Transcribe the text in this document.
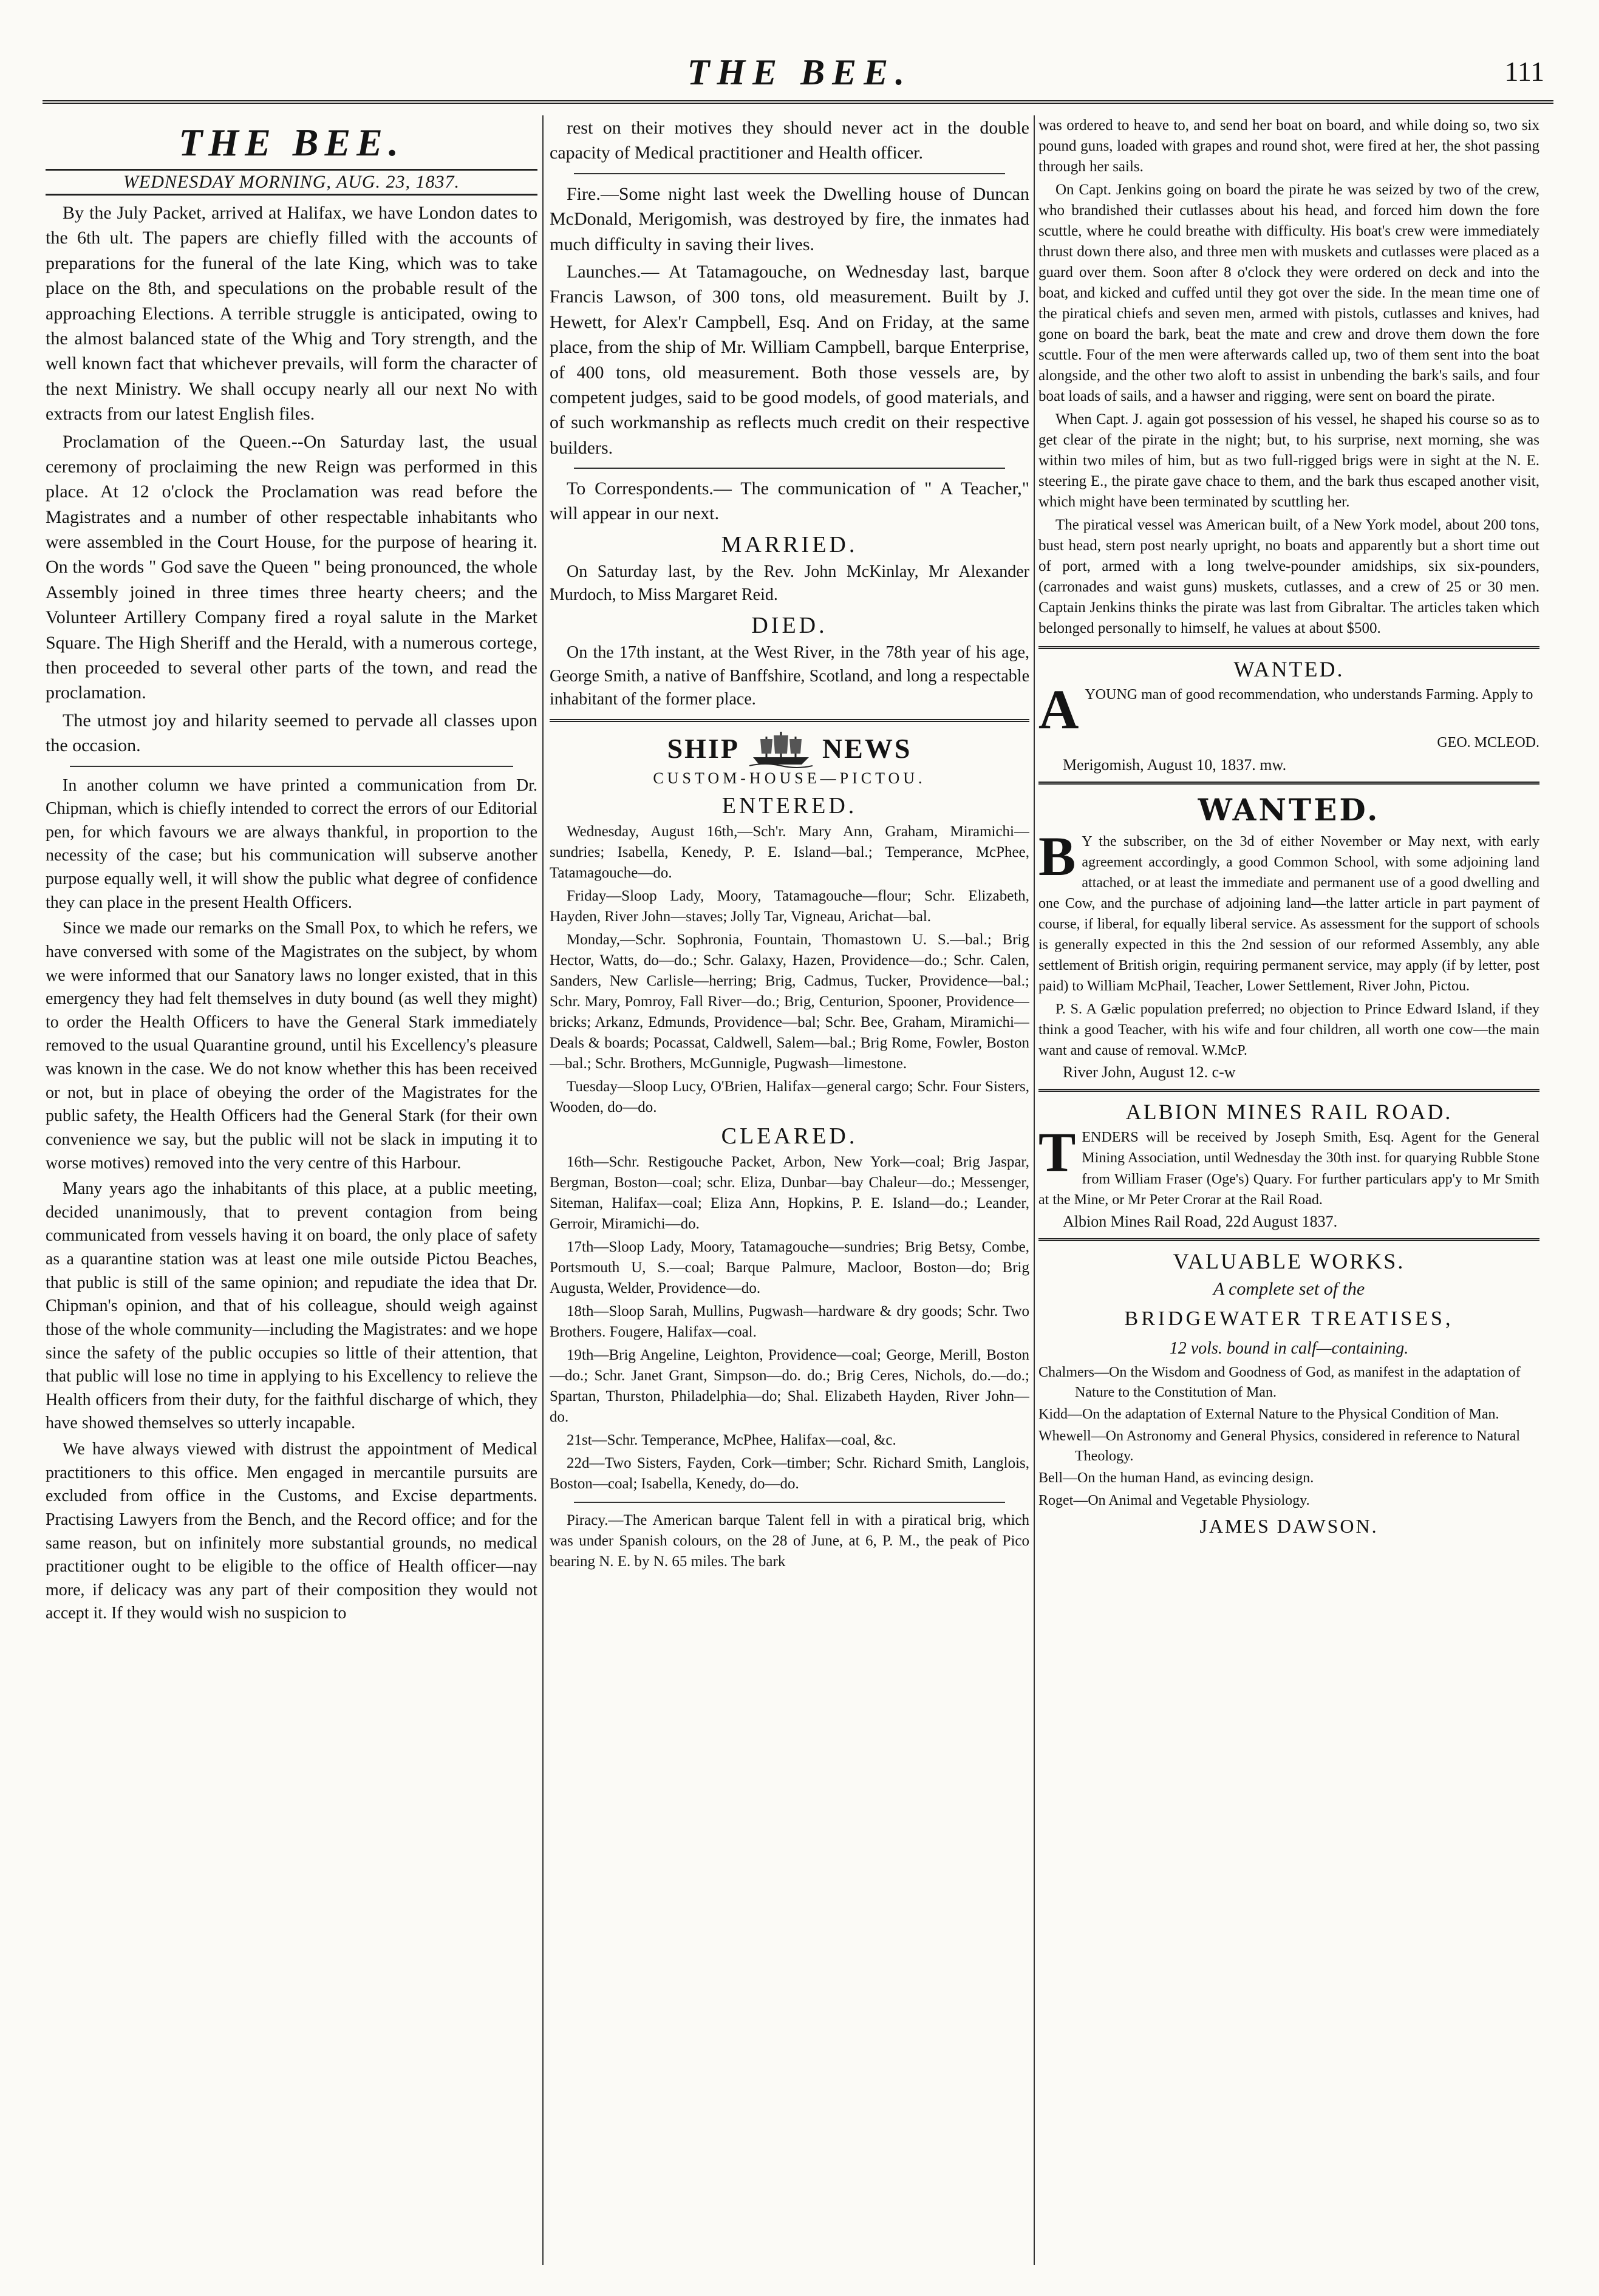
THE BEE.	111
THE BEE.
WEDNESDAY MORNING, AUG. 23, 1837.

By the July Packet, arrived at Halifax, we have London dates to the 6th ult. The papers are chiefly filled with the accounts of preparations for the funeral of the late King, which was to take place on the 8th, and speculations on the probable result of the approaching Elections. A terrible struggle is anticipated, owing to the almost balanced state of the Whig and Tory strength, and the well known fact that whichever prevails, will form the character of the next Ministry. We shall occupy nearly all our next No with extracts from our latest English files.

Proclamation of the Queen.--On Saturday last, the usual ceremony of proclaiming the new Reign was performed in this place. At 12 o'clock the Proclamation was read before the Magistrates and a number of other respectable inhabitants who were assembled in the Court House, for the purpose of hearing it. On the words " God save the Queen " being pronounced, the whole Assembly joined in three times three hearty cheers; and the Volunteer Artillery Company fired a royal salute in the Market Square. The High Sheriff and the Herald, with a numerous cortege, then proceeded to several other parts of the town, and read the proclamation.

The utmost joy and hilarity seemed to pervade all classes upon the occasion.

In another column we have printed a communication from Dr. Chipman, which is chiefly intended to correct the errors of our Editorial pen, for which favours we are always thankful, in proportion to the necessity of the case; but his communication will subserve another purpose equally well, it will show the public what degree of confidence they can place in the present Health Officers.

Since we made our remarks on the Small Pox, to which he refers, we have conversed with some of the Magistrates on the subject, by whom we were informed that our Sanatory laws no longer existed, that in this emergency they had felt themselves in duty bound (as well they might) to order the Health Officers to have the General Stark immediately removed to the usual Quarantine ground, until his Excellency's pleasure was known in the case. We do not know whether this has been received or not, but in place of obeying the order of the Magistrates for the public safety, the Health Officers had the General Stark (for their own convenience we say, but the public will not be slack in imputing it to worse motives) removed into the very centre of this Harbour.

Many years ago the inhabitants of this place, at a public meeting, decided unanimously, that to prevent contagion from being communicated from vessels having it on board, the only place of safety as a quarantine station was at least one mile outside Pictou Beaches, that public is still of the same opinion; and repudiate the idea that Dr. Chipman's opinion, and that of his colleague, should weigh against those of the whole community—including the Magistrates: and we hope since the safety of the public occupies so little of their attention, that that public will lose no time in applying to his Excellency to relieve the Health officers from their duty, for the faithful discharge of which, they have showed themselves so utterly incapable.

We have always viewed with distrust the appointment of Medical practitioners to this office. Men engaged in mercantile pursuits are excluded from office in the Customs, and Excise departments. Practising Lawyers from the Bench, and the Record office; and for the same reason, but on infinitely more substantial grounds, no medical practitioner ought to be eligible to the office of Health officer—nay more, if delicacy was any part of their composition they would not accept it. If they would wish no suspicion to

rest on their motives they should never act in the double capacity of Medical practitioner and Health officer.

Fire.—Some night last week the Dwelling house of Duncan McDonald, Merigomish, was destroyed by fire, the inmates had much difficulty in saving their lives.

Launches.— At Tatamagouche, on Wednesday last, barque Francis Lawson, of 300 tons, old measurement. Built by J. Hewett, for Alex'r Campbell, Esq. And on Friday, at the same place, from the ship of Mr. William Campbell, barque Enterprise, of 400 tons, old measurement. Both those vessels are, by competent judges, said to be good models, of good materials, and of such workmanship as reflects much credit on their respective builders.

To Correspondents.— The communication of " A Teacher," will appear in our next.

MARRIED.

On Saturday last, by the Rev. John McKinlay, Mr Alexander Murdoch, to Miss Margaret Reid.

DIED.

On the 17th instant, at the West River, in the 78th year of his age, George Smith, a native of Banffshire, Scotland, and long a respectable inhabitant of the former place.

SHIP	NEWS
CUSTOM-HOUSE—PICTOU.
ENTERED.

Wednesday, August 16th,—Sch'r. Mary Ann, Graham, Miramichi—sundries; Isabella, Kenedy, P. E. Island—bal.; Temperance, McPhee, Tatamagouche—do.

Friday—Sloop Lady, Moory, Tatamagouche—flour; Schr. Elizabeth, Hayden, River John—staves; Jolly Tar, Vigneau, Arichat—bal.

Monday,—Schr. Sophronia, Fountain, Thomastown U. S.—bal.; Brig Hector, Watts, do—do.; Schr. Galaxy, Hazen, Providence—do.; Schr. Calen, Sanders, New Carlisle—herring; Brig, Cadmus, Tucker, Providence—bal.; Schr. Mary, Pomroy, Fall River—do.; Brig, Centurion, Spooner, Providence—bricks; Arkanz, Edmunds, Providence—bal; Schr. Bee, Graham, Miramichi—Deals & boards; Pocassat, Caldwell, Salem—bal.; Brig Rome, Fowler, Boston—bal.; Schr. Brothers, McGunnigle, Pugwash—limestone.

Tuesday—Sloop Lucy, O'Brien, Halifax—general cargo; Schr. Four Sisters, Wooden, do—do.

CLEARED.

16th—Schr. Restigouche Packet, Arbon, New York—coal; Brig Jaspar, Bergman, Boston—coal; schr. Eliza, Dunbar—bay Chaleur—do.; Messenger, Siteman, Halifax—coal; Eliza Ann, Hopkins, P. E. Island—do.; Leander, Gerroir, Miramichi—do.

17th—Sloop Lady, Moory, Tatamagouche—sundries; Brig Betsy, Combe, Portsmouth U, S.—coal; Barque Palmure, Macloor, Boston—do; Brig Augusta, Welder, Providence—do.

18th—Sloop Sarah, Mullins, Pugwash—hardware & dry goods; Schr. Two Brothers. Fougere, Halifax—coal.

19th—Brig Angeline, Leighton, Providence—coal; George, Merill, Boston—do.; Schr. Janet Grant, Simpson—do. do.; Brig Ceres, Nichols, do.—do.; Spartan, Thurston, Philadelphia—do; Shal. Elizabeth Hayden, River John—do.

21st—Schr. Temperance, McPhee, Halifax—coal, &c.

22d—Two Sisters, Fayden, Cork—timber; Schr. Richard Smith, Langlois, Boston—coal; Isabella, Kenedy, do—do.

Piracy.—The American barque Talent fell in with a piratical brig, which was under Spanish colours, on the 28 of June, at 6, P. M., the peak of Pico bearing N. E. by N. 65 miles. The bark

was ordered to heave to, and send her boat on board, and while doing so, two six pound guns, loaded with grapes and round shot, were fired at her, the shot passing through her sails.

On Capt. Jenkins going on board the pirate he was seized by two of the crew, who brandished their cutlasses about his head, and forced him down the fore scuttle, where he could breathe with difficulty. His boat's crew were immediately thrust down there also, and three men with muskets and cutlasses were placed as a guard over them. Soon after 8 o'clock they were ordered on deck and into the boat, and kicked and cuffed until they got over the side. In the mean time one of the piratical chiefs and seven men, armed with pistols, cutlasses and knives, had gone on board the bark, beat the mate and crew and drove them down the fore scuttle. Four of the men were afterwards called up, two of them sent into the boat alongside, and the other two aloft to assist in unbending the bark's sails, and four boat loads of sails, and a hawser and rigging, were sent on board the pirate.

When Capt. J. again got possession of his vessel, he shaped his course so as to get clear of the pirate in the night; but, to his surprise, next morning, she was within two miles of him, but as two full-rigged brigs were in sight at the N. E. steering E., the pirate gave chace to them, and the bark thus escaped another visit, which might have been terminated by scuttling her.

The piratical vessel was American built, of a New York model, about 200 tons, bust head, stern post nearly upright, no boats and apparently but a short time out of port, armed with a long twelve-pounder amidships, six six-pounders, (carronades and waist guns) muskets, cutlasses, and a crew of 25 or 30 men. Captain Jenkins thinks the pirate was last from Gibraltar. The articles taken which belonged personally to himself, he values at about $500.

WANTED.
A YOUNG man of good recommendation, who understands Farming. Apply to
GEO. MCLEOD.
Merigomish, August 10, 1837. mw.
WANTED.
B Y the subscriber, on the 3d of either November or May next, with early agreement accordingly, a good Common School, with some adjoining land attached, or at least the immediate and permanent use of a good dwelling and one Cow, and the purchase of adjoining land—the latter article in part payment of course, if liberal, for equally liberal service. As assessment for the support of schools is generally expected in this the 2nd session of our reformed Assembly, any able settlement of British origin, requiring permanent service, may apply (if by letter, post paid) to William McPhail, Teacher, Lower Settlement, River John, Pictou.
P. S. A Gælic population preferred; no objection to Prince Edward Island, if they think a good Teacher, with his wife and four children, all worth one cow—the main want and cause of removal. W.McP.
River John, August 12. c-w
ALBION MINES RAIL ROAD.
T ENDERS will be received by Joseph Smith, Esq. Agent for the General Mining Association, until Wednesday the 30th inst. for quarying Rubble Stone from William Fraser (Oge's) Quary. For further particulars app'y to Mr Smith at the Mine, or Mr Peter Crorar at the Rail Road.
Albion Mines Rail Road, 22d August 1837.
VALUABLE WORKS.
A complete set of the
BRIDGEWATER TREATISES,
12 vols. bound in calf—containing.
Chalmers—On the Wisdom and Goodness of God, as manifest in the adaptation of Nature to the Constitution of Man.
Kidd—On the adaptation of External Nature to the Physical Condition of Man.
Whewell—On Astronomy and General Physics, considered in reference to Natural Theology.
Bell—On the human Hand, as evincing design.
Roget—On Animal and Vegetable Physiology.
JAMES DAWSON.
